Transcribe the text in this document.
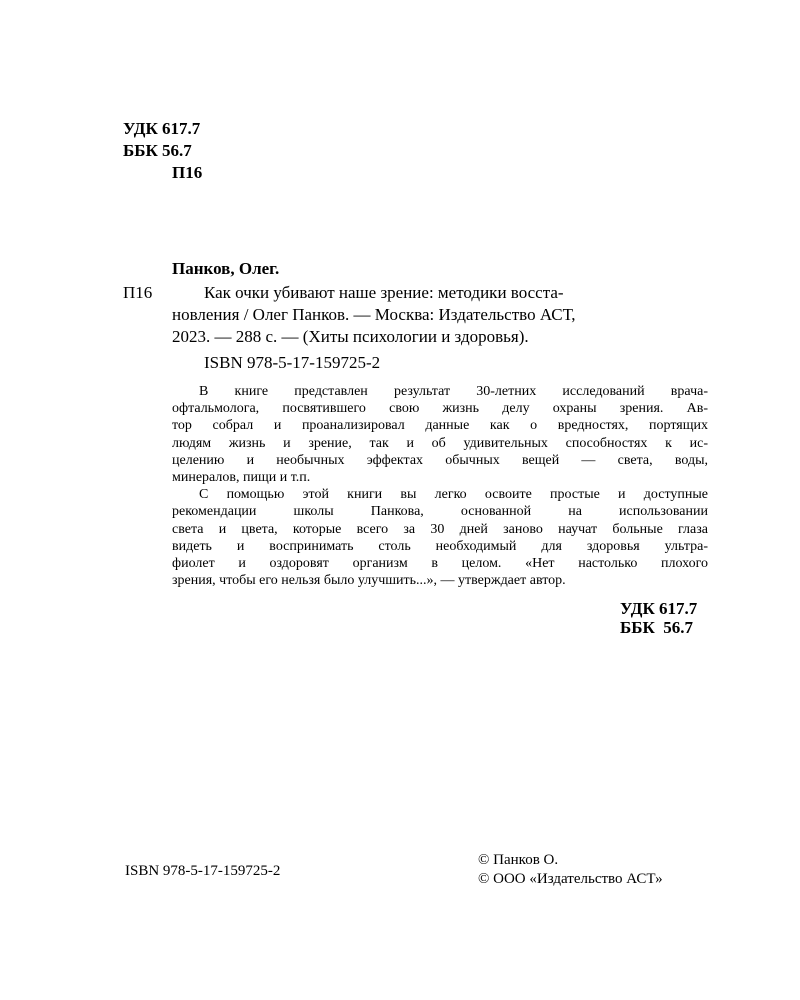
УДК 617.7
ББК 56.7
П16
Панков, Олег.
П16	Как очки убивают наше зрение: методики восста-
новления / Олег Панков. — Москва: Издательство АСТ,
2023. — 288 с. — (Хиты психологии и здоровья).
ISBN 978-5-17-159725-2

В книге представлен результат 30-летних исследований врача-
офтальмолога, посвятившего свою жизнь делу охраны зрения. Ав-
тор собрал и проанализировал данные как о вредностях, портящих
людям жизнь и зрение, так и об удивительных способностях к ис-
целению и необычных эффектах обычных вещей — света, воды,
минералов, пищи и т.п.

С помощью этой книги вы легко освоите простые и доступные
рекомендации школы Панкова, основанной на использовании
света и цвета, которые всего за 30 дней заново научат больные глаза
видеть и воспринимать столь необходимый для здоровья ультра-
фиолет и оздоровят организм в целом. «Нет настолько плохого
зрения, чтобы его нельзя было улучшить...», — утверждает автор.

УДК 617.7
ББК  56.7
ISBN 978-5-17-159725-2
© Панков О.
© ООО «Издательство АСТ»
